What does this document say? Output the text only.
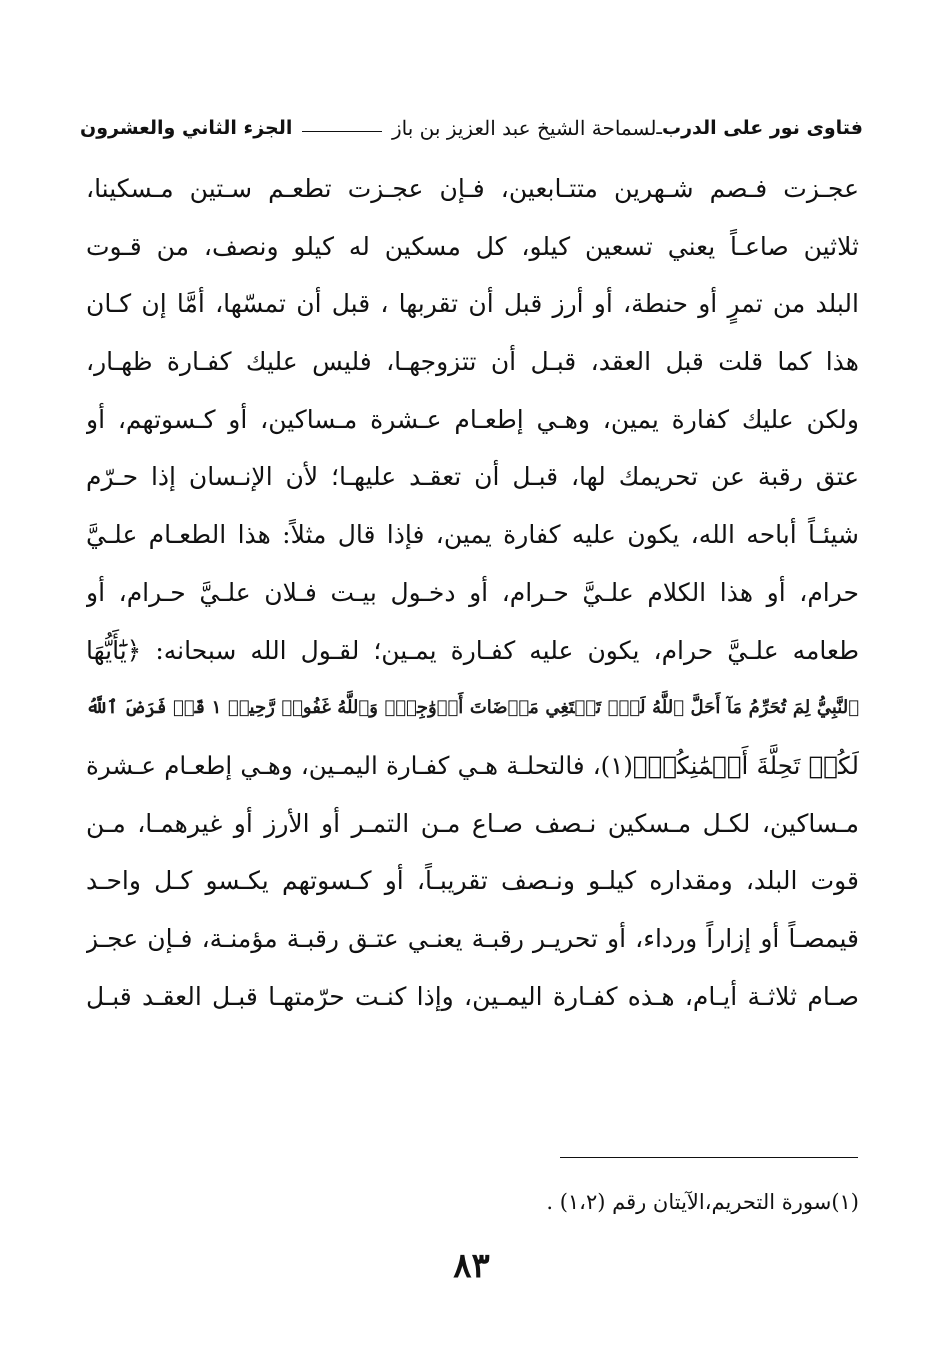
فتاوى نور على الدرب
ـ
لسماحة الشيخ عبد العزيز بن باز
الجزء الثاني والعشرون
عجـزت فـصم شـهرين متتـابعين، فـإن عجـزت تطعـم سـتين مـسكينا،
ثلاثين صاعـاً يعني تسعين كيلو، كل مسكين له كيلو ونصف، من قـوت
البلد من تمرٍ أو حنطة، أو أرز قبل أن تقربها ، قبل أن تمسّها، أمَّا إن كـان
هذا كما قلت قبل العقد، قبـل أن تتزوجهـا، فليس عليك كفـارة ظهـار،
ولكن عليك كفارة يمين، وهـي إطعـام عـشرة مـساكين، أو كـسوتهم، أو
عتق رقبة عن تحريمك لها، قبـل أن تعقـد عليهـا؛ لأن الإنـسان إذا حـرّم
شيئـاً أباحه الله، يكون عليه كفارة يمين، فإذا قال مثلاً: هذا الطعـام علـيَّ
حرام، أو هذا الكلام علـيَّ حـرام، أو دخـول بيـت فـلان علـيَّ حـرام، أو
طعامه علـيَّ حرام، يكون عليه كفـارة يمـين؛ لقـول الله سبحانه: ﴿يَٰٓأَيُّهَا
ٱلنَّبِيُّ لِمَ تُحَرِّمُ مَآ أَحَلَّ ٱللَّهُ لَكَۖ تَبۡتَغِي مَرۡضَاتَ أَزۡوَٰجِكَۚ وَٱللَّهُ غَفُورٞ رَّحِيمٞ ١ قَدۡ فَرَضَ ٱللَّهُ
لَكُمۡ تَحِلَّةَ أَيۡمَٰنِكُمۡ﴾(١)، فالتحلـة هـي كفـارة اليمـين، وهـي إطعـام عـشرة
مـساكين، لكـل مـسكين نـصف صـاع مـن التمـر أو الأرز أو غيرهمـا، مـن
قوت البلد، ومقداره كيلـو ونـصف تقريبـاً، أو كـسوتهم يكـسو كـل واحـد
قيمصـاً أو إزاراً ورداء، أو تحريـر رقبـة يعنـي عتـق رقبـة مؤمنـة، فـإن عجـز
صـام ثلاثـة أيـام، هـذه كفـارة اليمـين، وإذا كنـت حرّمتهـا قبـل العقـد قبـل
(١)سورة التحريم،الآيتان رقم (١،٢) .
٨٣
